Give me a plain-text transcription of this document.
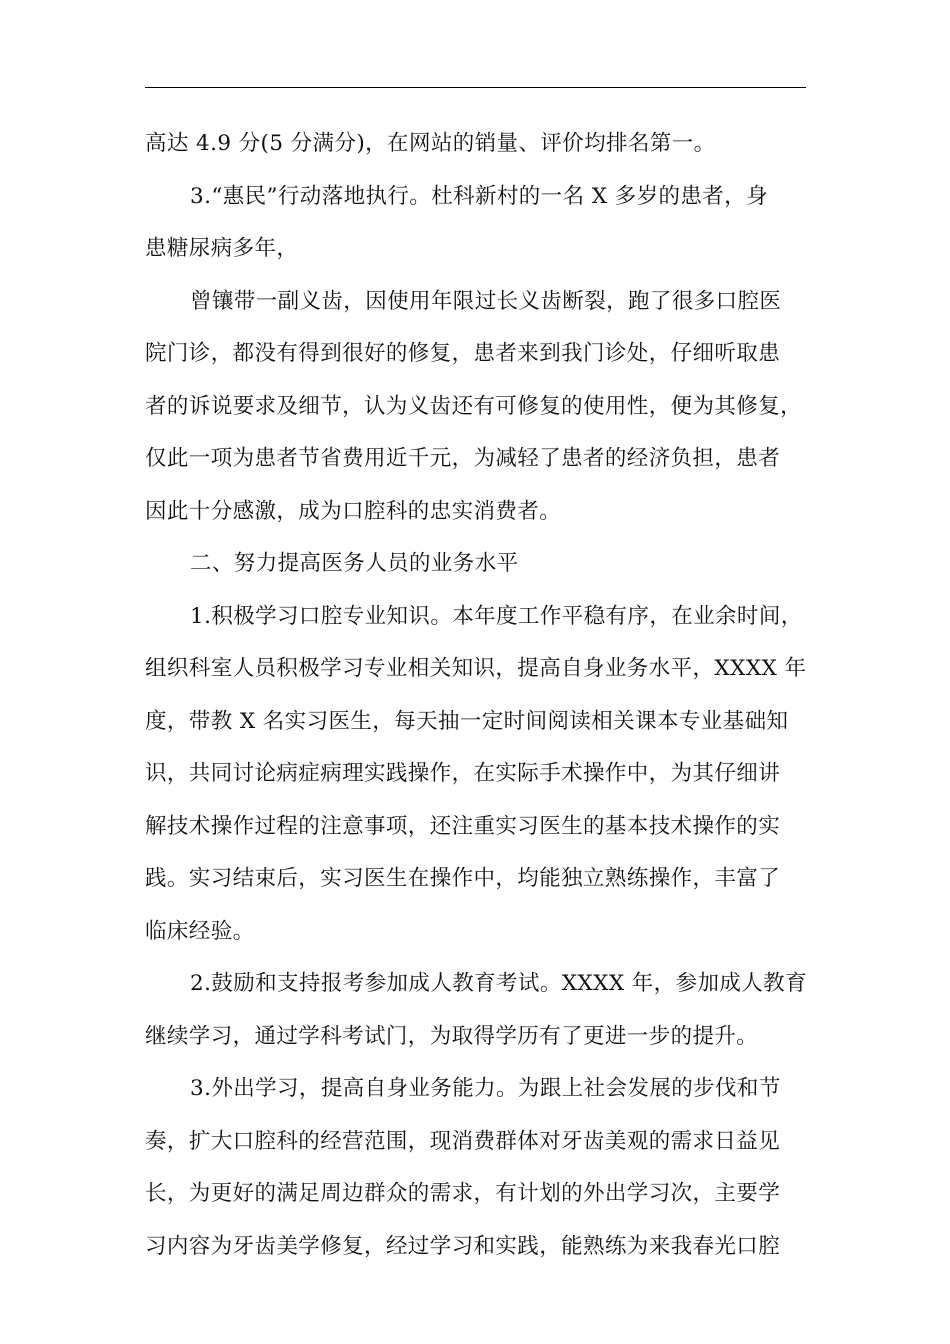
高达 4.9 分(5 分满分)，在网站的销量、评价均排名第一。

3.“惠民”行动落地执行。杜科新村的一名 X 多岁的患者，身
患糖尿病多年，

曾镶带一副义齿，因使用年限过长义齿断裂，跑了很多口腔医
院门诊，都没有得到很好的修复，患者来到我门诊处，仔细听取患
者的诉说要求及细节，认为义齿还有可修复的使用性，便为其修复，
仅此一项为患者节省费用近千元，为减轻了患者的经济负担，患者
因此十分感激，成为口腔科的忠实消费者。

二、努力提高医务人员的业务水平

1.积极学习口腔专业知识。本年度工作平稳有序，在业余时间，
组织科室人员积极学习专业相关知识，提高自身业务水平，XXXX 年
度，带教 X 名实习医生，每天抽一定时间阅读相关课本专业基础知
识，共同讨论病症病理实践操作，在实际手术操作中，为其仔细讲
解技术操作过程的注意事项，还注重实习医生的基本技术操作的实
践。实习结束后，实习医生在操作中，均能独立熟练操作，丰富了
临床经验。

2.鼓励和支持报考参加成人教育考试。XXXX 年，参加成人教育
继续学习，通过学科考试门，为取得学历有了更进一步的提升。

3.外出学习，提高自身业务能力。为跟上社会发展的步伐和节
奏，扩大口腔科的经营范围，现消费群体对牙齿美观的需求日益见
长，为更好的满足周边群众的需求，有计划的外出学习次，主要学
习内容为牙齿美学修复，经过学习和实践，能熟练为来我春光口腔
